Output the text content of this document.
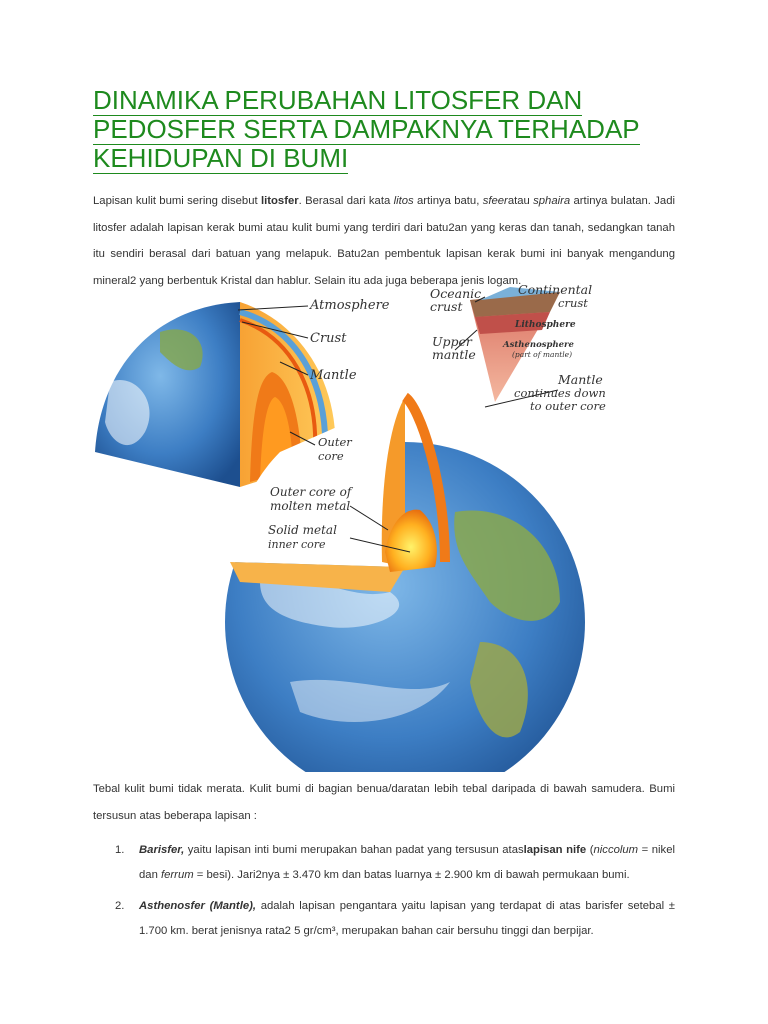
DINAMIKA PERUBAHAN LITOSFER DAN
PEDOSFER SERTA DAMPAKNYA TERHADAP
KEHIDUPAN DI BUMI

Lapisan kulit bumi sering disebut litosfer. Berasal dari kata litos artinya batu, sfeeratau sphaira artinya bulatan. Jadi litosfer adalah lapisan kerak bumi atau kulit bumi yang terdiri dari batu2an yang keras dan tanah, sedangkan tanah itu sendiri berasal dari batuan yang melapuk. Batu2an pembentuk lapisan kerak bumi ini banyak mengandung mineral2 yang berbentuk Kristal dan hablur. Selain itu ada juga beberapa jenis logam.

Atmosphere
Crust
Mantle
Outer
core
Outer core of
molten metal
Solid metal
inner core
Oceanic
crust
Continental
crust
Lithosphere
Upper
mantle
Asthenosphere
(part of mantle)
Mantle
continues down
to outer core

Tebal kulit bumi tidak merata. Kulit bumi di bagian benua/daratan lebih tebal daripada di bawah samudera. Bumi tersusun atas beberapa lapisan :

1. Barisfer, yaitu lapisan inti bumi merupakan bahan padat yang tersusun ataslapisan nife (niccolum = nikel dan ferrum = besi). Jari2nya ± 3.470 km dan batas luarnya ± 2.900 km di bawah permukaan bumi.
2. Asthenosfer (Mantle), adalah lapisan pengantara yaitu lapisan yang terdapat di atas barisfer setebal ± 1.700 km. berat jenisnya rata2 5 gr/cm³, merupakan bahan cair bersuhu tinggi dan berpijar.
